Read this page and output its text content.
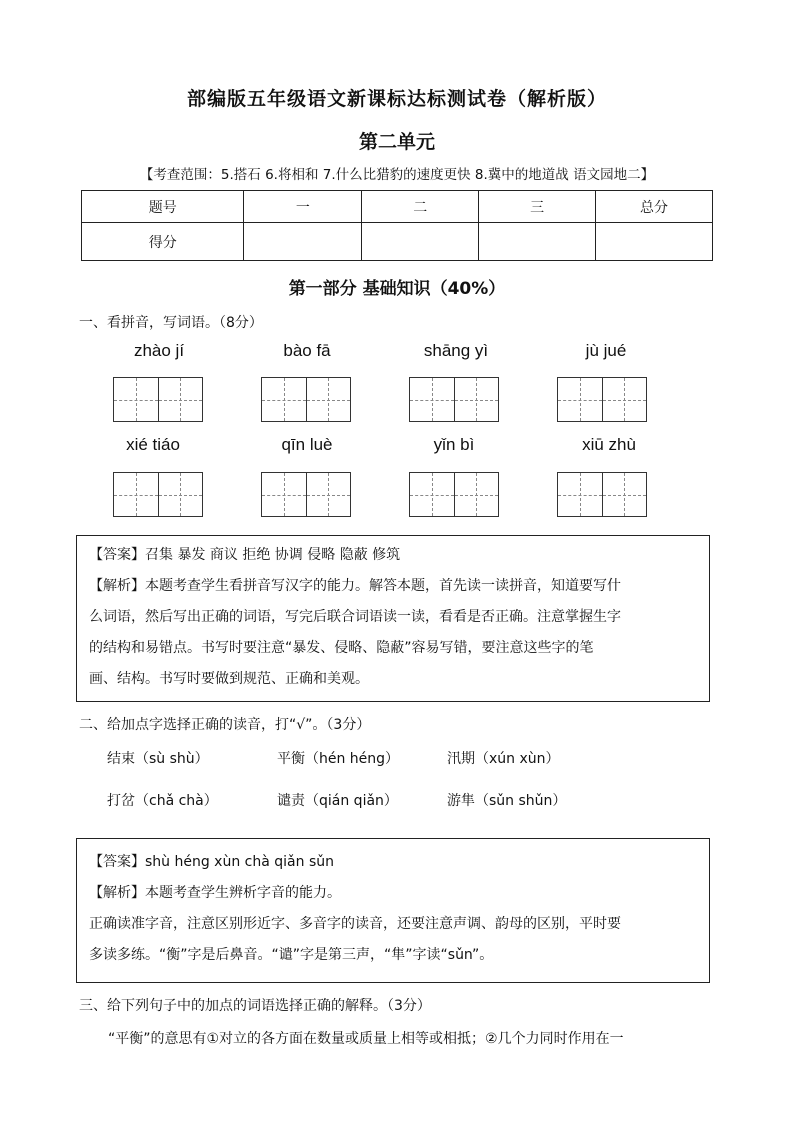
部编版五年级语文新课标达标测试卷（解析版）
第二单元
【考查范围：5.搭石 6.将相和 7.什么比猎豹的速度更快 8.冀中的地道战 语文园地二】
题号	一	二	三	总分
得分				
第一部分 基础知识（40%）
一、看拼音，写词语。（8分）
zhào jí	bào fā	shāng yì	jù jué
xié tiáo	qīn luè	yǐn bì	xiū zhù
【答案】召集 暴发 商议 拒绝 协调 侵略 隐蔽 修筑
【解析】本题考查学生看拼音写汉字的能力。解答本题，首先读一读拼音，知道要写什
么词语，然后写出正确的词语，写完后联合词语读一读，看看是否正确。注意掌握生字
的结构和易错点。书写时要注意“暴发、侵略、隐蔽”容易写错，要注意这些字的笔
画、结构。书写时要做到规范、正确和美观。
二、给加点字选择正确的读音，打“√”。（3分）
结束（sù shù）	平衡（hén héng）	汛期（xún xùn）
打岔（chǎ chà）	谴责（qián qiǎn）	游隼（sǔn shǔn）
【答案】shù héng xùn chà qiǎn sǔn
【解析】本题考查学生辨析字音的能力。
正确读准字音，注意区别形近字、多音字的读音，还要注意声调、韵母的区别，平时要
多读多练。“衡”字是后鼻音。“谴”字是第三声，“隼”字读“sǔn”。
三、给下列句子中的加点的词语选择正确的解释。（3分）
“平衡”的意思有①对立的各方面在数量或质量上相等或相抵；②几个力同时作用在一
